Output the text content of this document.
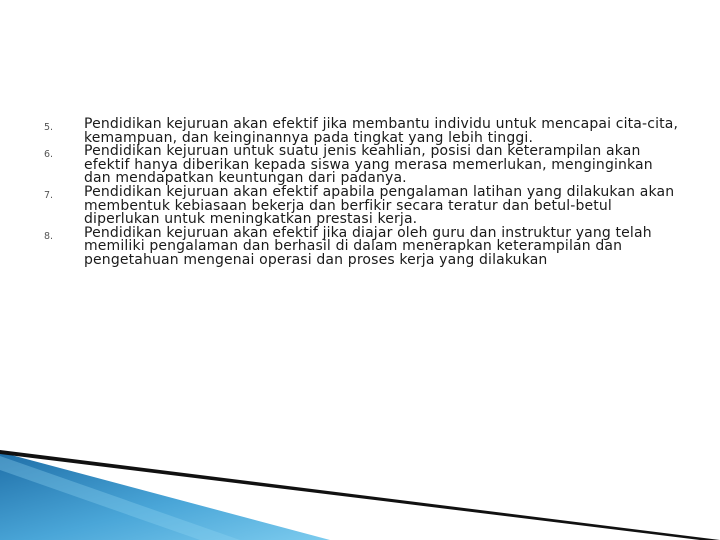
5.	Pendidikan kejuruan akan efektif jika membantu individu untuk mencapai cita-cita, kemampuan, dan keinginannya pada tingkat yang lebih tinggi.
6.	Pendidikan kejuruan untuk suatu jenis keahlian, posisi dan keterampilan akan efektif hanya diberikan kepada siswa yang merasa memerlukan, menginginkan dan mendapatkan keuntungan dari padanya.
7.	Pendidikan kejuruan akan efektif apabila pengalaman latihan yang dilakukan akan membentuk kebiasaan bekerja dan berfikir secara teratur dan betul-betul diperlukan untuk meningkatkan prestasi kerja.
8.	Pendidikan kejuruan akan efektif jika diajar oleh guru dan instruktur yang telah memiliki pengalaman dan berhasil di dalam menerapkan keterampilan dan pengetahuan mengenai operasi dan proses kerja yang dilakukan
